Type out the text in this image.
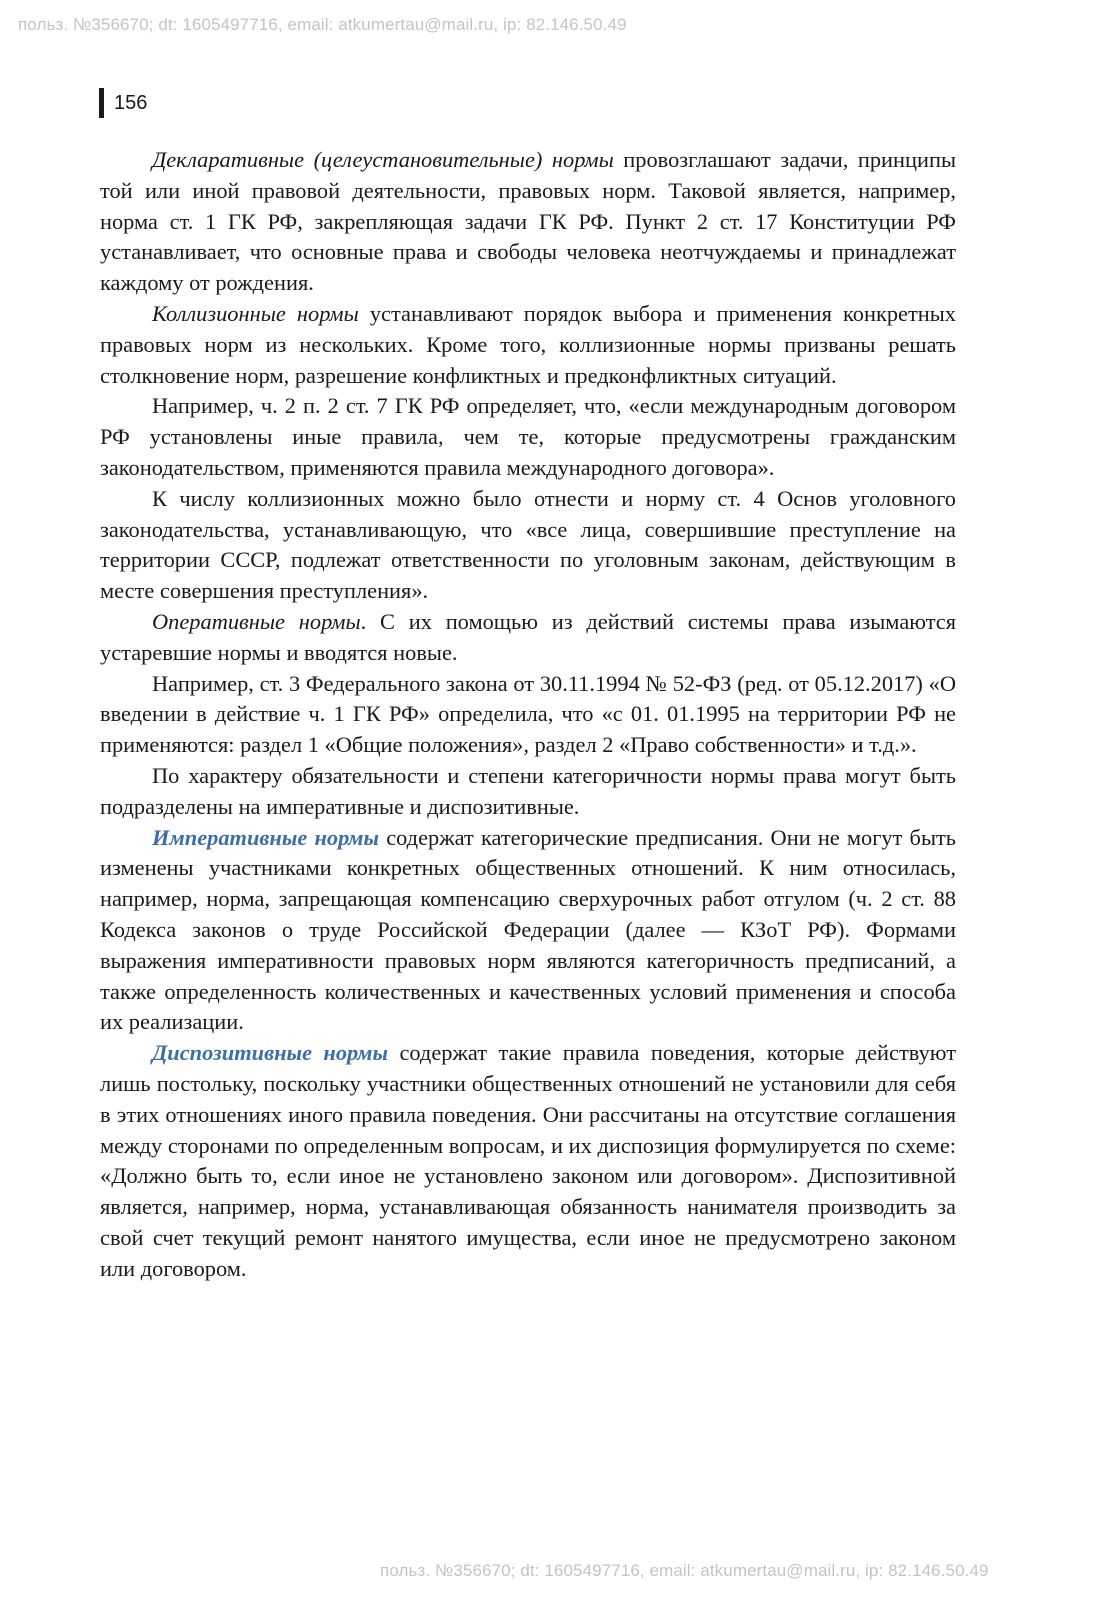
польз. №356670; dt: 1605497716, email: atkumertau@mail.ru, ip: 82.146.50.49
156

Декларативные (целеустановительные) нормы провозглашают задачи, принципы той или иной правовой деятельности, правовых норм. Таковой является, например, норма ст. 1 ГК РФ, закрепляющая задачи ГК РФ. Пункт 2 ст. 17 Конституции РФ устанавливает, что основные права и свободы человека неотчуждаемы и принадлежат каждому от рождения.

Коллизионные нормы устанавливают порядок выбора и применения конкретных правовых норм из нескольких. Кроме того, коллизионные нормы призваны решать столкновение норм, разрешение конфликтных и предконфликтных ситуаций.

Например, ч. 2 п. 2 ст. 7 ГК РФ определяет, что, «если международным договором РФ установлены иные правила, чем те, которые предусмотрены гражданским законодательством, применяются правила международного договора».

К числу коллизионных можно было отнести и норму ст. 4 Основ уголовного законодательства, устанавливающую, что «все лица, совершившие преступление на территории СССР, подлежат ответственности по уголовным законам, действующим в месте совершения преступления».

Оперативные нормы. С их помощью из действий системы права изымаются устаревшие нормы и вводятся новые.

Например, ст. 3 Федерального закона от 30.11.1994 № 52-ФЗ (ред. от 05.12.2017) «О введении в действие ч. 1 ГК РФ» определила, что «с 01. 01.1995 на территории РФ не применяются: раздел 1 «Общие положения», раздел 2 «Право собственности» и т.д.».

По характеру обязательности и степени категоричности нормы права могут быть подразделены на императивные и диспозитивные.

Императивные нормы содержат категорические предписания. Они не могут быть изменены участниками конкретных общественных отношений. К ним относилась, например, норма, запрещающая компенсацию сверхурочных работ отгулом (ч. 2 ст. 88 Кодекса законов о труде Российской Федерации (далее — КЗоТ РФ). Формами выражения императивности правовых норм являются категоричность предписаний, а также определенность количественных и качественных условий применения и способа их реализации.

Диспозитивные нормы содержат такие правила поведения, которые действуют лишь постольку, поскольку участники общественных отношений не установили для себя в этих отношениях иного правила поведения. Они рассчитаны на отсутствие соглашения между сторонами по определенным вопросам, и их диспозиция формулируется по схеме: «Должно быть то, если иное не установлено законом или договором». Диспозитивной является, например, норма, устанавливающая обязанность нанимателя производить за свой счет текущий ремонт нанятого имущества, если иное не предусмотрено законом или договором.

польз. №356670; dt: 1605497716, email: atkumertau@mail.ru, ip: 82.146.50.49
